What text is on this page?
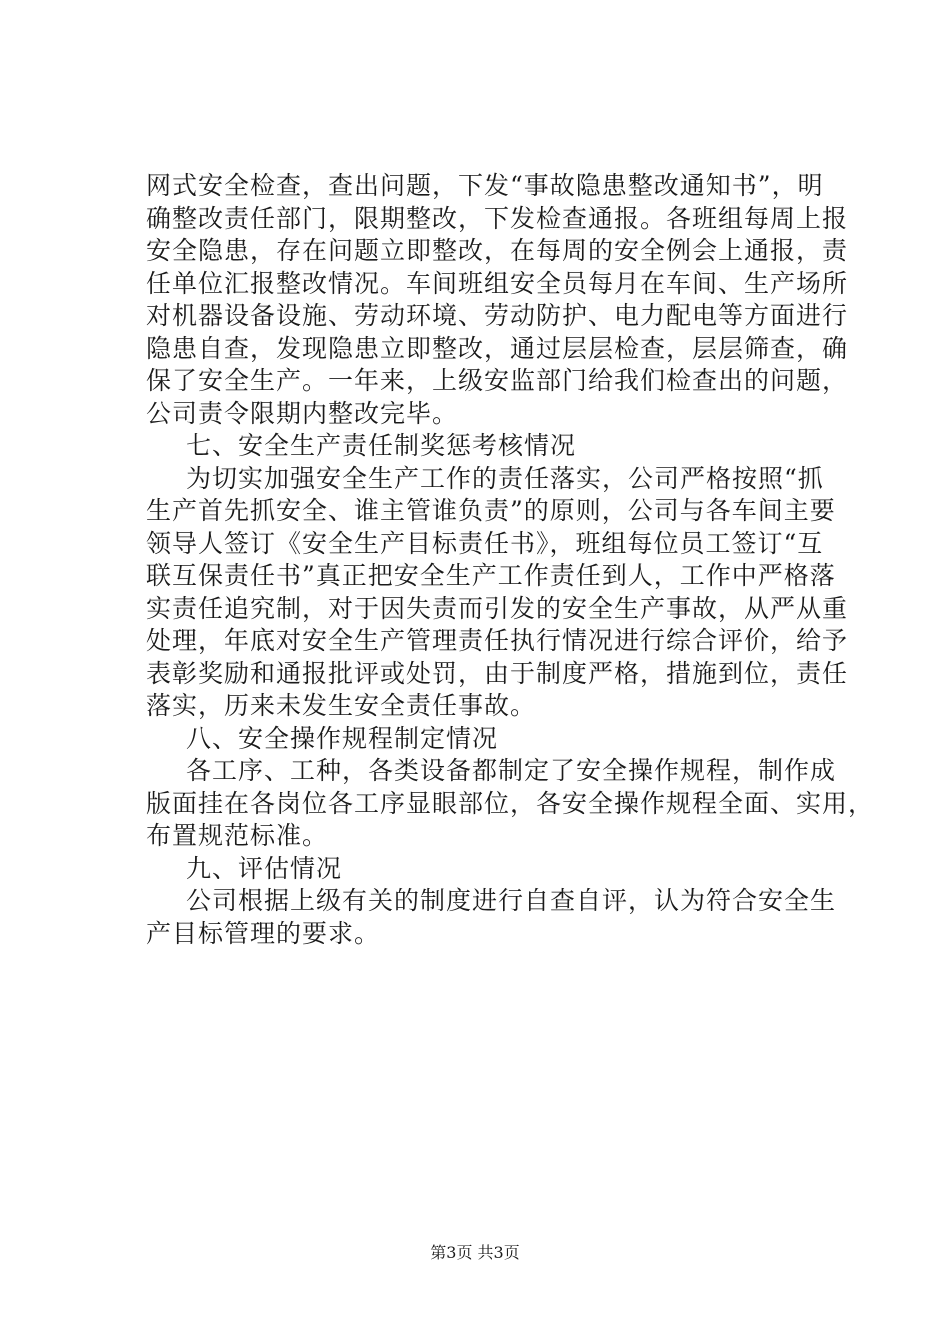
网式安全检查，查出问题，下发“事故隐患整改通知书”，明
确整改责任部门，限期整改，下发检查通报。各班组每周上报
安全隐患，存在问题立即整改，在每周的安全例会上通报，责
任单位汇报整改情况。车间班组安全员每月在车间、生产场所
对机器设备设施、劳动环境、劳动防护、电力配电等方面进行
隐患自查，发现隐患立即整改，通过层层检查，层层筛查，确
保了安全生产。一年来，上级安监部门给我们检查出的问题，
公司责令限期内整改完毕。
七、安全生产责任制奖惩考核情况
为切实加强安全生产工作的责任落实，公司严格按照“抓
生产首先抓安全、谁主管谁负责”的原则，公司与各车间主要
领导人签订《安全生产目标责任书》，班组每位员工签订“互
联互保责任书”真正把安全生产工作责任到人，工作中严格落
实责任追究制，对于因失责而引发的安全生产事故，从严从重
处理，年底对安全生产管理责任执行情况进行综合评价，给予
表彰奖励和通报批评或处罚，由于制度严格，措施到位，责任
落实，历来未发生安全责任事故。
八、安全操作规程制定情况
各工序、工种，各类设备都制定了安全操作规程，制作成
版面挂在各岗位各工序显眼部位，各安全操作规程全面、实用，
布置规范标准。
九、评估情况
公司根据上级有关的制度进行自查自评，认为符合安全生
产目标管理的要求。
第3页 共3页
